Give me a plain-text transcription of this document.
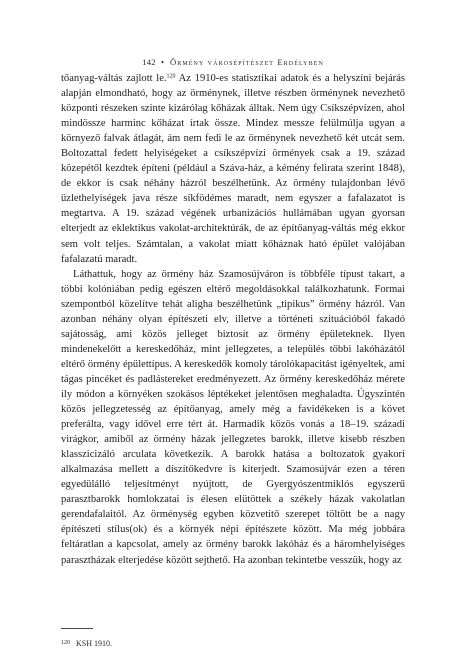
142 • Örmény városépítészet Erdélyben

tőanyag-váltás zajlott le.$^{120}$ Az 1910-es statisztikai adatok és a helyszíni bejárás alapján elmondható, hogy az örménynek, illetve részben örménynek nevezhető központi részeken szinte kizárólag kőházak álltak. Nem úgy Csíkszépvízen, ahol mindössze harminc kőházat írtak össze. Mindez messze felülmúlja ugyan a környező falvak átlagát, ám nem fedi le az örménynek nevezhető két utcát sem. Boltozattal fedett helyiségeket a csíkszépvízi örmények csak a 19. század közepétől kezdtek építeni (például a Száva-ház, a kémény felirata szerint 1848), de ekkor is csak néhány házról beszélhetünk. Az örmény tulajdonban lévő üzlethelyiségek java része síkfödémes maradt, nem egyszer a fafalazatot is megtartva. A 19. század végének urbanizációs hullámában ugyan gyorsan elterjedt az eklektikus vakolat-architektúrák, de az építőanyag-váltás még ekkor sem volt teljes. Számtalan, a vakolat miatt kőháznak ható épület valójában fafalazatú maradt.

Láthattuk, hogy az örmény ház Szamosújváron is többféle típust takart, a többi kolóniában pedig egészen eltérő megoldásokkal találkozhatunk. Formai szempontból közelítve tehát aligha beszélhetünk „tipikus” örmény házról. Van azonban néhány olyan építészeti elv, illetve a történeti szituációból fakadó sajátosság, ami közös jelleget biztosít az örmény épületeknek. Ilyen mindenekelőtt a kereskedőház, mint jellegzetes, a település többi lakóházától eltérő örmény épülettípus. A kereskedők komoly tárolókapacitást igényeltek, ami tágas pincéket és padlástereket eredményezett. Az örmény kereskedőház mérete ily módon a környéken szokásos léptékeket jelentősen meghaladta. Úgyszintén közös jellegzetesség az építőanyag, amely még a favidékeken is a követ preferálta, vagy idővel erre tért át. Harmadik közös vonás a 18–19. századi virágkor, amiből az örmény házak jellegzetes barokk, illetve kisebb részben klasszicizáló arculata következik. A barokk hatása a boltozatok gyakori alkalmazása mellett a díszítőkedvre is kiterjedt. Szamosújvár ezen a téren egyedülálló teljesítményt nyújtott, de Gyergyószentmiklós egyszerű parasztbarokk homlokzatai is élesen elütöttek a székely házak vakolatlan gerendafalaitól. Az örménység egyben közvetítő szerepet töltött be a nagy építészeti stílus(ok) és a környék népi építészete között. Ma még jobbára feltáratlan a kapcsolat, amely az örmény barokk lakóház és a háromhelyiséges parasztházak elterjedése között sejthető. Ha azonban tekintetbe vesszük, hogy az

$^{120}$ KSH 1910.
